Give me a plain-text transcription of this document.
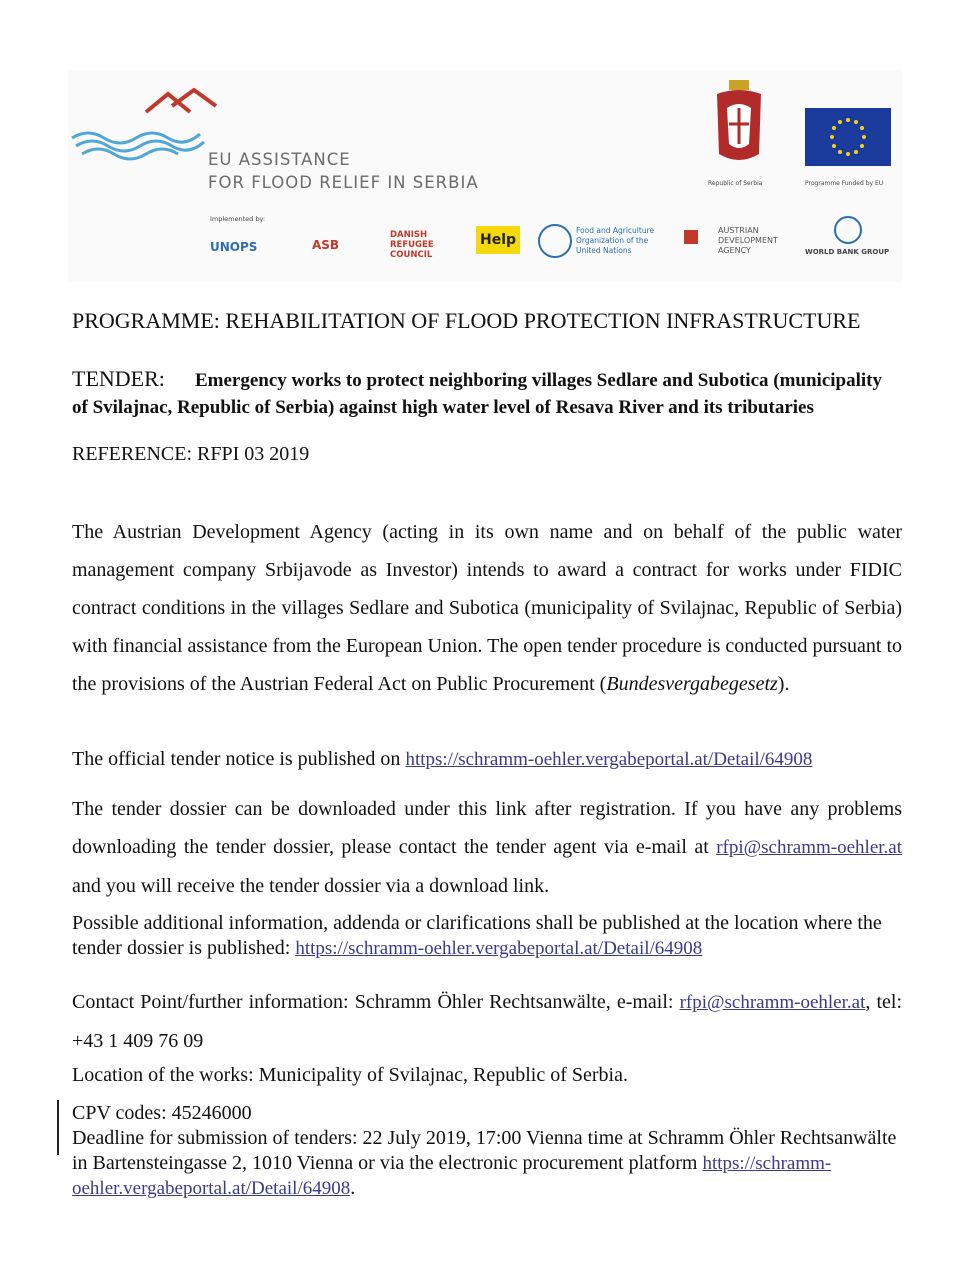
EU ASSISTANCE
FOR FLOOD RELIEF IN SERBIA	Republic of Serbia	Programme Funded by EU
Implemented by:
UNOPS	ASB
DANISH REFUGEE COUNCIL
Help
Food and Agriculture Organization of the United Nations
AUSTRIAN DEVELOPMENT AGENCY	WORLD BANK GROUP
PROGRAMME: REHABILITATION OF FLOOD PROTECTION INFRASTRUCTURE
TENDER: Emergency works to protect neighboring villages Sedlare and Subotica (municipality of Svilajnac, Republic of Serbia) against high water level of Resava River and its tributaries
REFERENCE: RFPI 03 2019
The Austrian Development Agency (acting in its own name and on behalf of the public water management company Srbijavode as Investor) intends to award a contract for works under FIDIC contract conditions in the villages Sedlare and Subotica (municipality of Svilajnac, Republic of Serbia) with financial assistance from the European Union. The open tender procedure is conducted pursuant to the provisions of the Austrian Federal Act on Public Procurement (Bundesvergabegesetz).
The official tender notice is published on https://schramm-oehler.vergabeportal.at/Detail/64908
The tender dossier can be downloaded under this link after registration. If you have any problems downloading the tender dossier, please contact the tender agent via e-mail at rfpi@schramm-oehler.at and you will receive the tender dossier via a download link.
Possible additional information, addenda or clarifications shall be published at the location where the tender dossier is published: https://schramm-oehler.vergabeportal.at/Detail/64908
Contact Point/further information: Schramm Öhler Rechtsanwälte, e-mail: rfpi@schramm-oehler.at, tel: +43 1 409 76 09
Location of the works: Municipality of Svilajnac, Republic of Serbia.
CPV codes: 45246000
Deadline for submission of tenders: 22 July 2019, 17:00 Vienna time at Schramm Öhler Rechtsanwälte in Bartensteingasse 2, 1010 Vienna or via the electronic procurement platform https://schramm-oehler.vergabeportal.at/Detail/64908.
